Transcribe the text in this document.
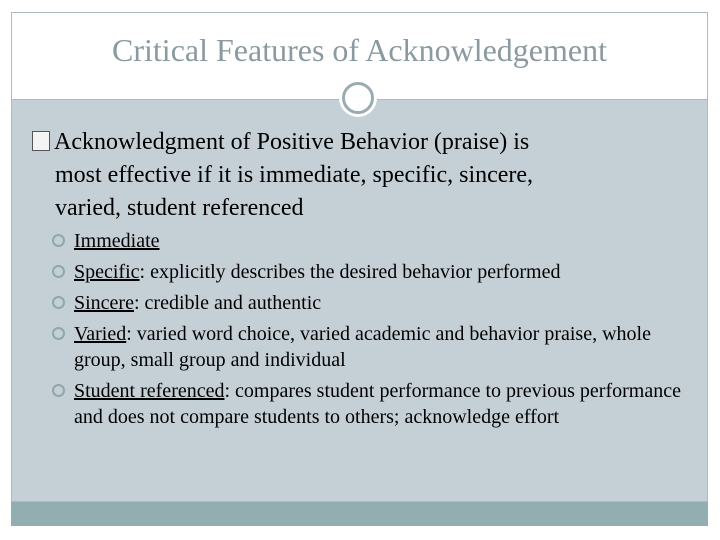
Critical Features of Acknowledgement
Acknowledgment of Positive Behavior (praise) is
most effective if it is immediate, specific, sincere,
varied, student referenced
Immediate
Specific: explicitly describes the desired behavior performed
Sincere: credible and authentic
Varied: varied word choice, varied academic and behavior praise, whole group, small group and individual
Student referenced: compares student performance to previous performance and does not compare students to others; acknowledge effort
